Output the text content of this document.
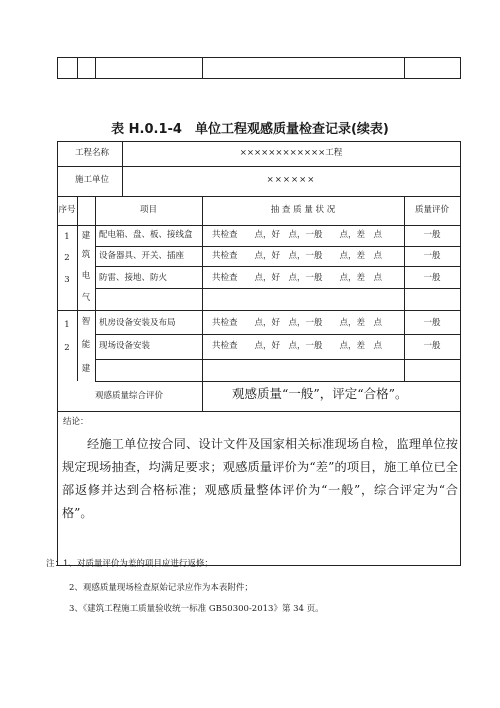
表 H.0.1-4　单位工程观感质量检查记录(续表)
工程名称	××××××××××××工程
施工单位	××××××
序号	项目	抽 查 质 量 状 况	质量评价
建
筑
电
气
智
能
建
1	配电箱、盘、板、接线盒 共检查　　点，好　点，一般　　点，差　点	一般
2	设备器具、开关、插座	共检查　　点，好　点，一般　　点，差　点	一般
3	防雷、接地、防火	共检查　　点，好　点，一般　　点，差　点	一般
1	机房设备安装及布局	共检查　　点，好　点，一般　　点，差　点	一般
2	现场设备安装	共检查　　点，好　点，一般　　点，差　点	一般
观感质量综合评价	观感质量“一般”，评定“合格”。
结论：
经施工单位按合同、设计文件及国家相关标准现场自检，监理单位按规定现场抽查，均满足要求；观感质量评价为“差”的项目，施工单位已全部返修并达到合格标准；观感质量整体评价为“一般”，综合评定为“合格”。
注：1、对质量评价为差的项目应进行返修；
2、观感质量现场检查原始记录应作为本表附件；
3、《建筑工程施工质量验收统一标准 GB50300-2013》第 34 页。
